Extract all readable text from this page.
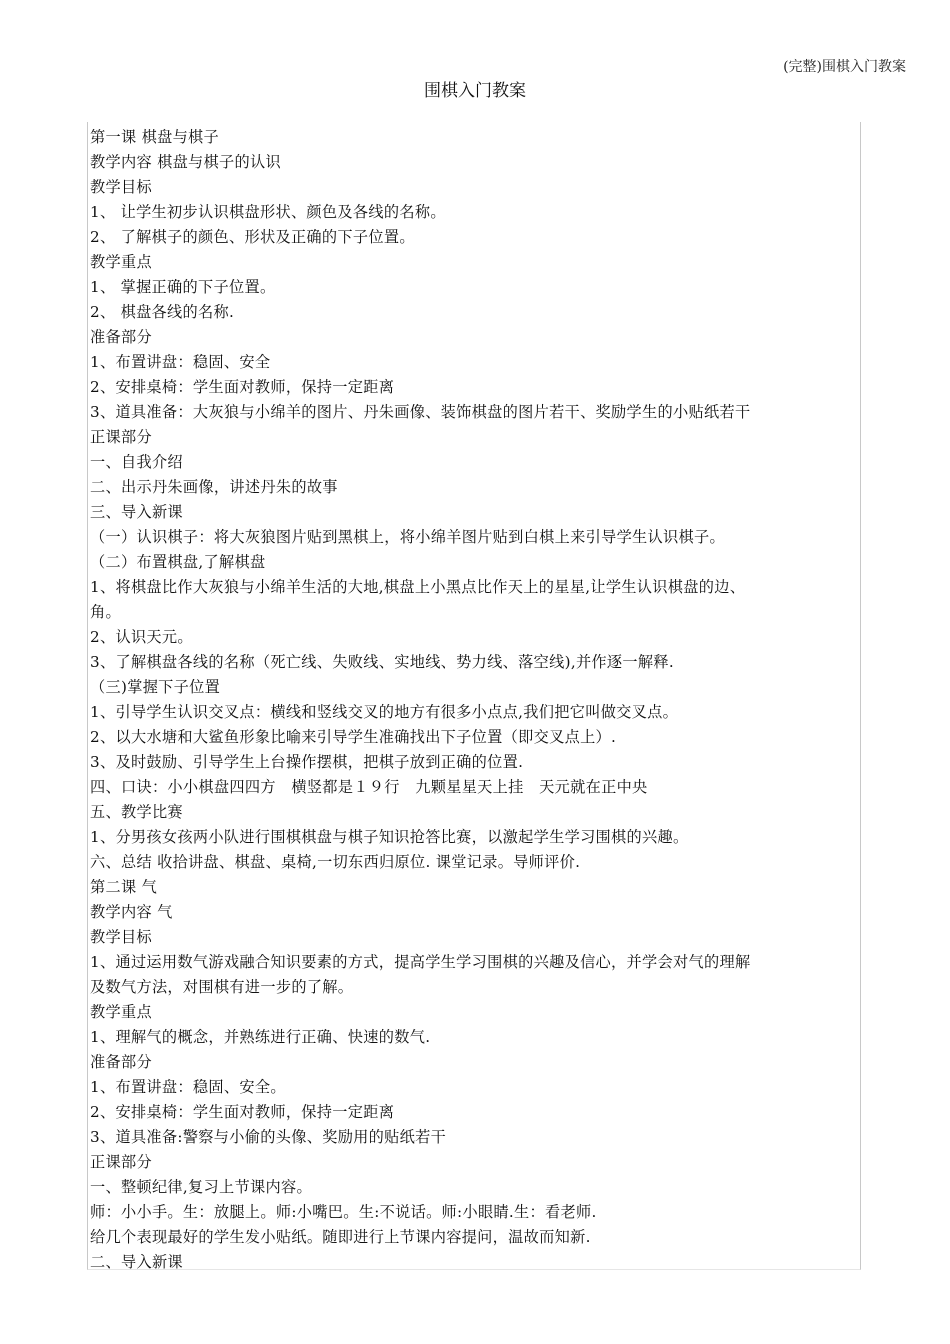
(完整)围棋入门教案
围棋入门教案
第一课 棋盘与棋子
教学内容 棋盘与棋子的认识
教学目标
1、 让学生初步认识棋盘形状、颜色及各线的名称。
2、 了解棋子的颜色、形状及正确的下子位置。
教学重点
1、 掌握正确的下子位置。
2、 棋盘各线的名称.
准备部分
1、布置讲盘：稳固、安全
2、安排桌椅：学生面对教师，保持一定距离
3、道具准备：大灰狼与小绵羊的图片、丹朱画像、装饰棋盘的图片若干、奖励学生的小贴纸若干
正课部分
一、自我介绍
二、出示丹朱画像，讲述丹朱的故事
三、导入新课
（一）认识棋子：将大灰狼图片贴到黑棋上，将小绵羊图片贴到白棋上来引导学生认识棋子。
（二）布置棋盘,了解棋盘
1、将棋盘比作大灰狼与小绵羊生活的大地,棋盘上小黑点比作天上的星星,让学生认识棋盘的边、
角。
2、认识天元。
3、了解棋盘各线的名称（死亡线、失败线、实地线、势力线、落空线),并作逐一解释.
（三)掌握下子位置
1、引导学生认识交叉点：横线和竖线交叉的地方有很多小点点,我们把它叫做交叉点。
2、以大水塘和大鲨鱼形象比喻来引导学生准确找出下子位置（即交叉点上）.
3、及时鼓励、引导学生上台操作摆棋，把棋子放到正确的位置.
四、口诀：小小棋盘四四方　横竖都是１９行　九颗星星天上挂　天元就在正中央
五、教学比赛
1、分男孩女孩两小队进行围棋棋盘与棋子知识抢答比赛，以激起学生学习围棋的兴趣。
六、总结 收拾讲盘、棋盘、桌椅,一切东西归原位. 课堂记录。导师评价.
第二课 气
教学内容 气
教学目标
1、通过运用数气游戏融合知识要素的方式，提高学生学习围棋的兴趣及信心，并学会对气的理解
及数气方法，对围棋有进一步的了解。
教学重点
1、理解气的概念，并熟练进行正确、快速的数气.
准备部分
1、布置讲盘：稳固、安全。
2、安排桌椅：学生面对教师，保持一定距离
3、道具准备:警察与小偷的头像、奖励用的贴纸若干
正课部分
一、整顿纪律,复习上节课内容。
师：小小手。生：放腿上。师:小嘴巴。生:不说话。师:小眼睛.生：看老师.
给几个表现最好的学生发小贴纸。随即进行上节课内容提问，温故而知新.
二、导入新课
